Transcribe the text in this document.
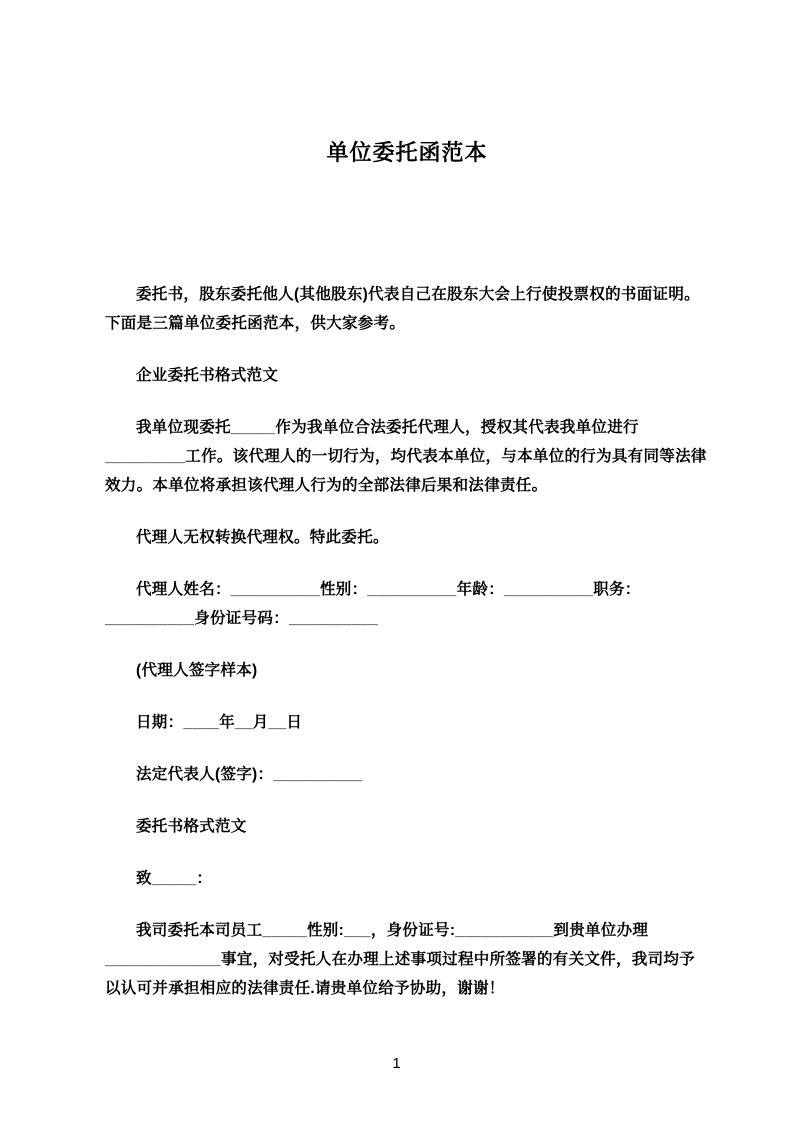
单位委托函范本

委托书，股东委托他人(其他股东)代表自己在股东大会上行使投票权的书面证明。下面是三篇单位委托函范本，供大家参考。

企业委托书格式范文

我单位现委托_____作为我单位合法委托代理人，授权其代表我单位进行_________工作。该代理人的一切行为，均代表本单位，与本单位的行为具有同等法律效力。本单位将承担该代理人行为的全部法律后果和法律责任。

代理人无权转换代理权。特此委托。

代理人姓名：__________性别：__________年龄：__________职务：__________身份证号码：__________

(代理人签字样本)

日期：____年__月__日

法定代表人(签字)：__________

委托书格式范文

致_____：

我司委托本司员工_____性别:___，身份证号:___________到贵单位办理_____________事宜，对受托人在办理上述事项过程中所签署的有关文件，我司均予以认可并承担相应的法律责任.请贵单位给予协助，谢谢！

1
